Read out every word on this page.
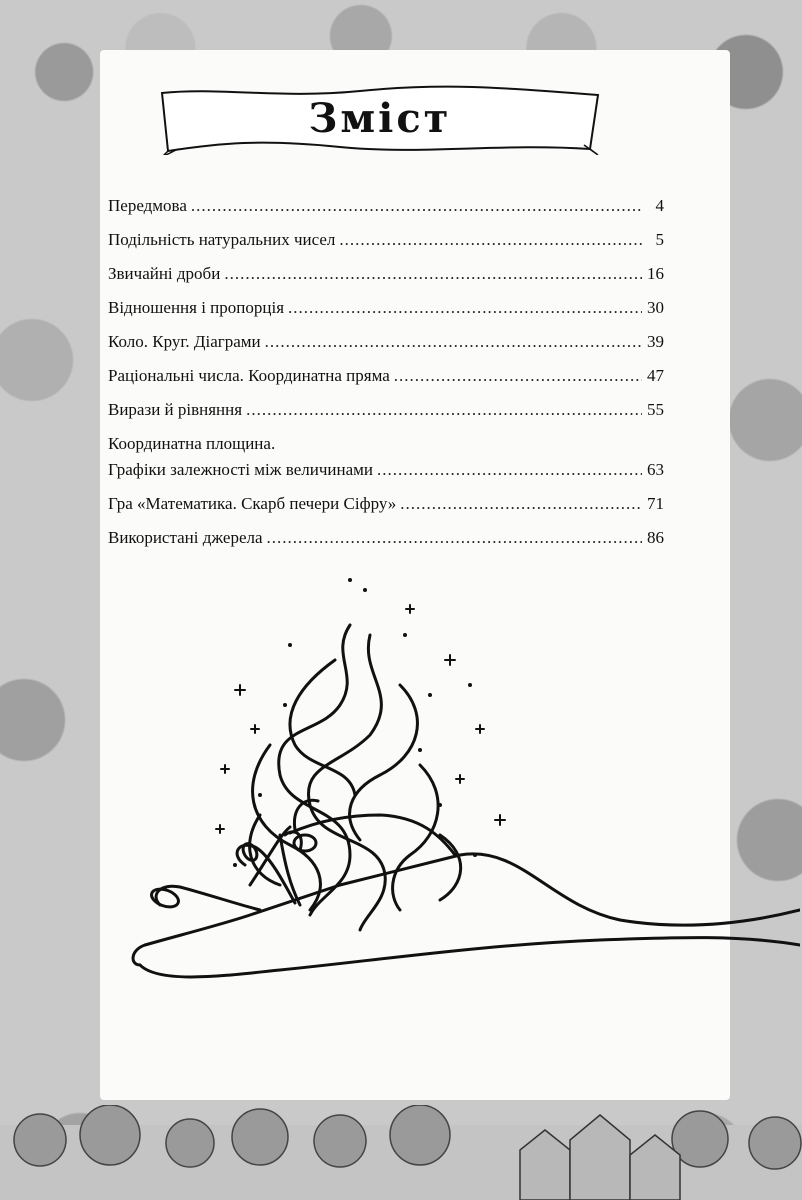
Зміст
Передмова .....	4
Подільність натуральних чисел .....	5
Звичайні дроби .....	16
Відношення і пропорція .....	30
Коло. Круг. Діаграми .....	39
Раціональні числа. Координатна пряма .....	47
Вирази й рівняння .....	55
Координатна площина.
Графіки залежності між величинами .....	63
Гра «Математика. Скарб печери Сіфру» .....	71
Використані джерела .....	86
